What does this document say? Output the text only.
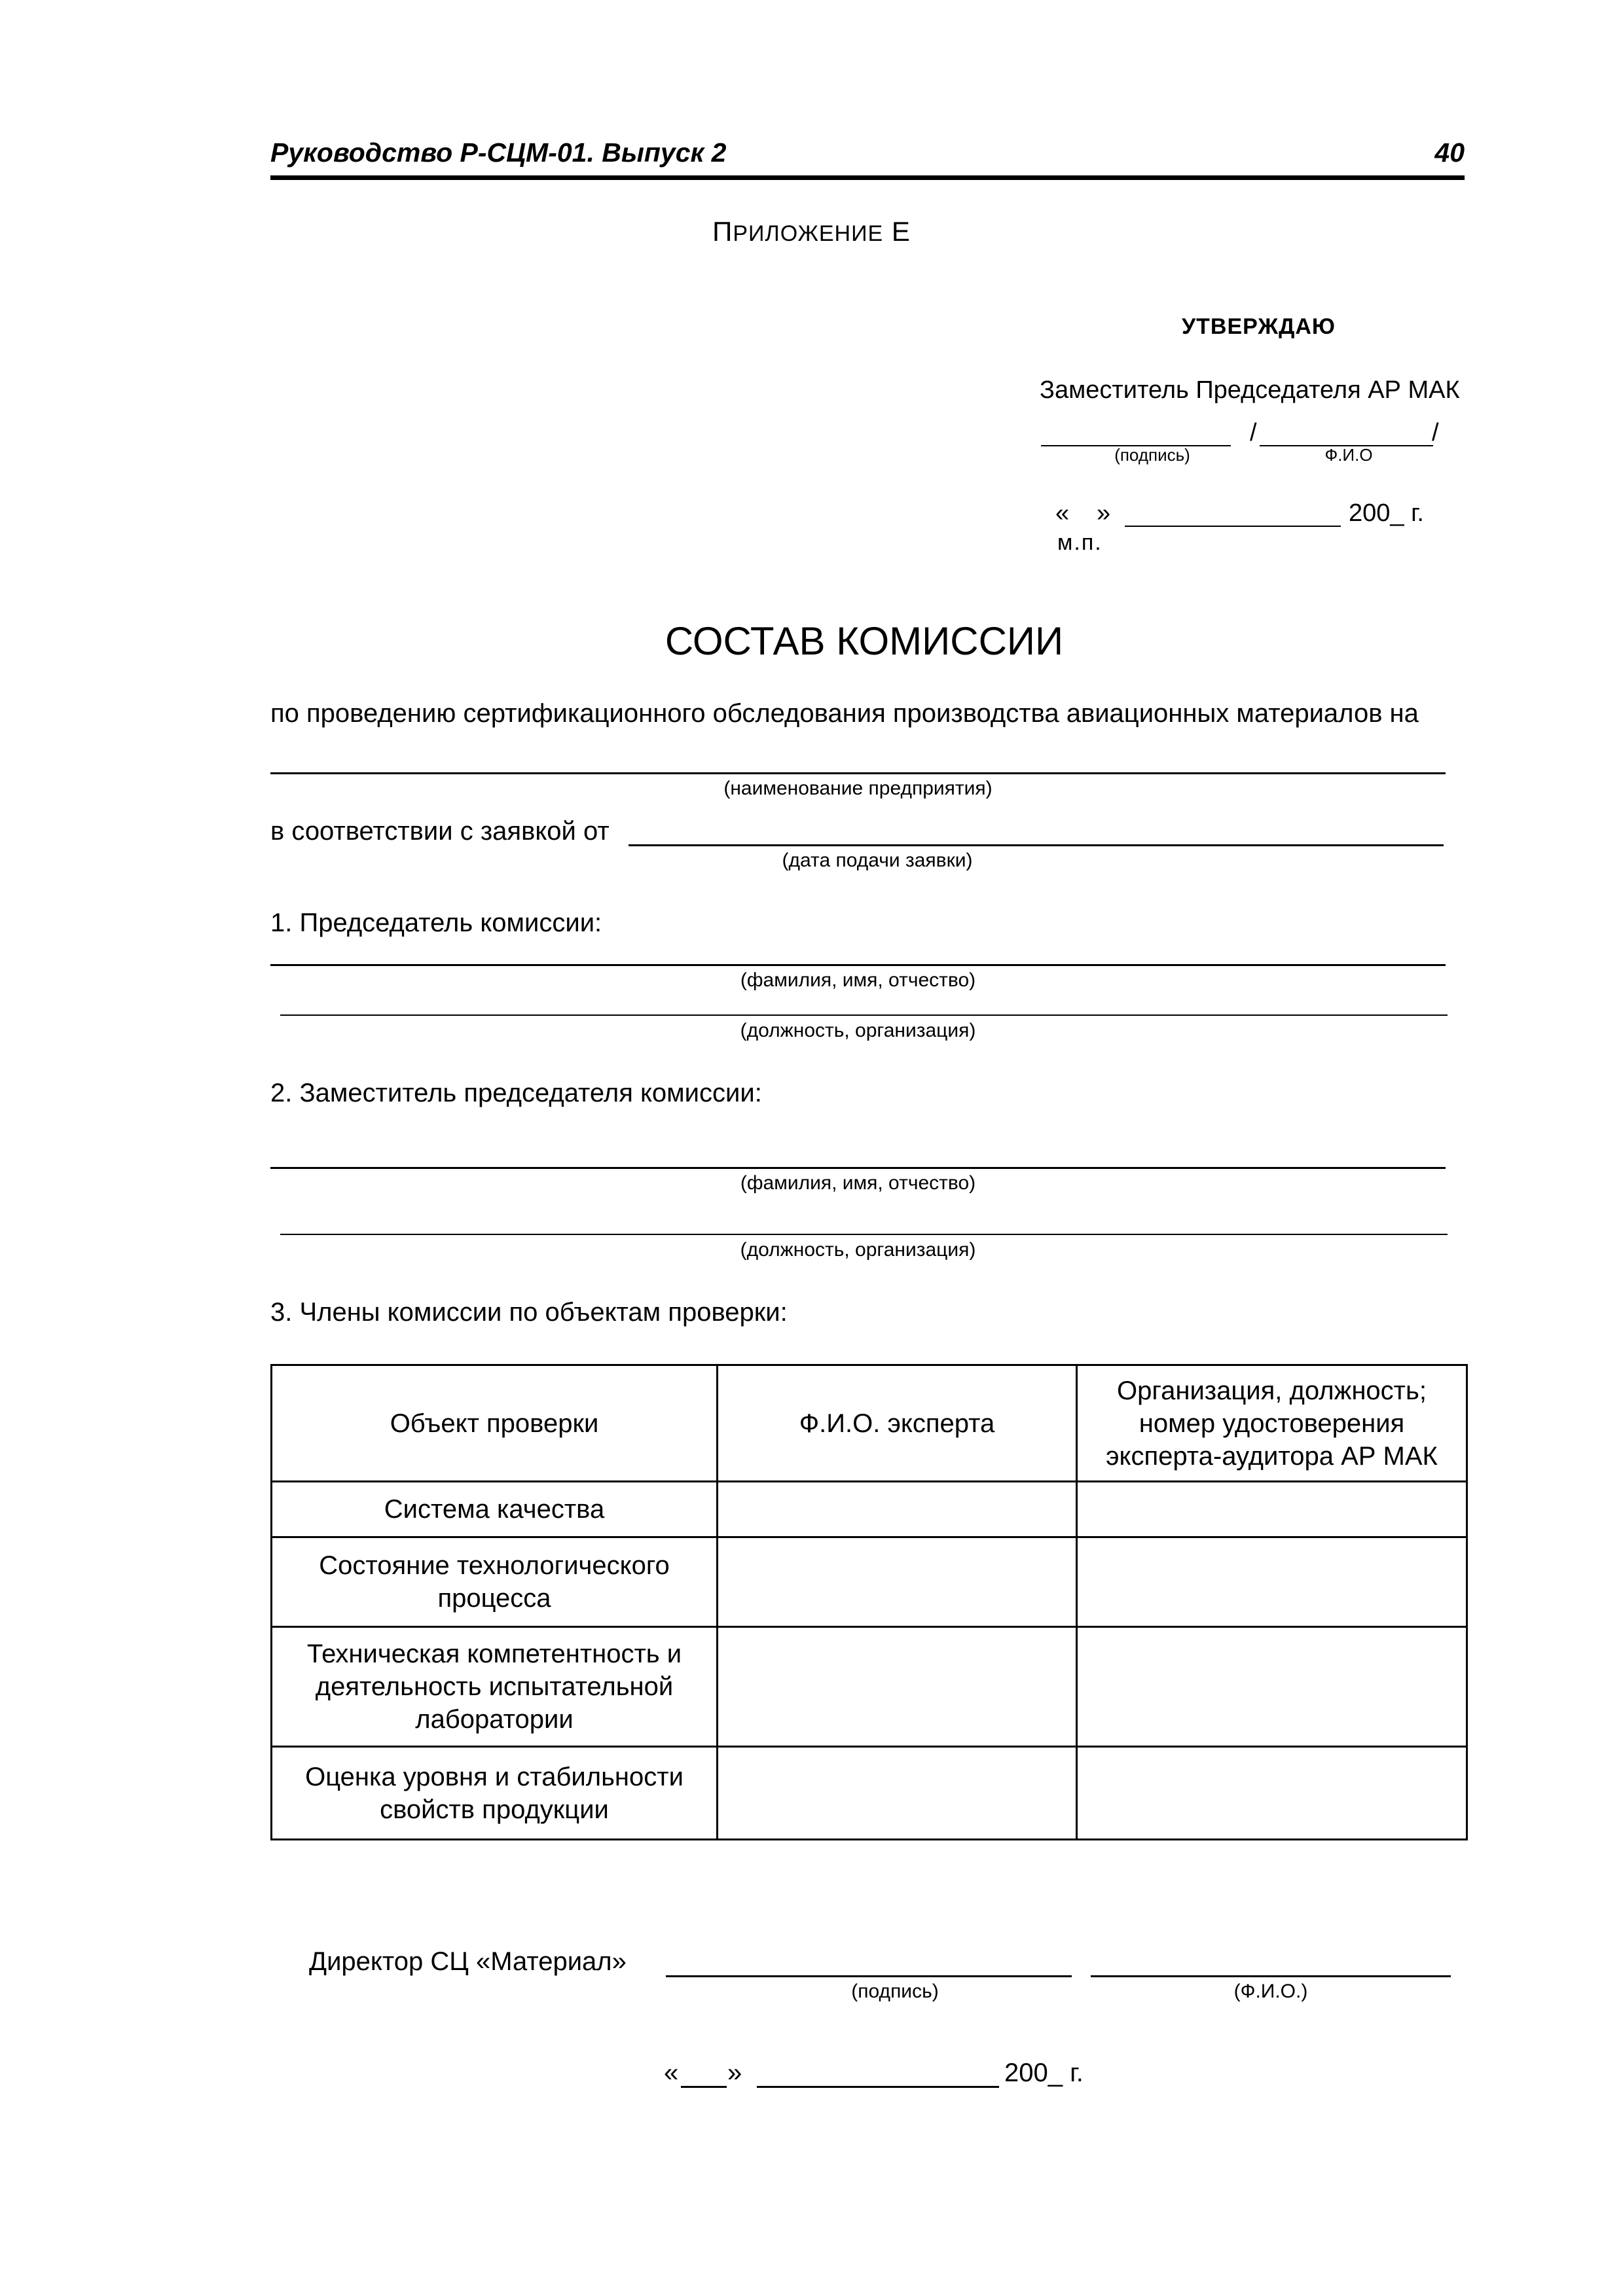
Руководство Р-СЦМ-01. Выпуск 2	40
ПРИЛОЖЕНИЕ Е
УТВЕРЖДАЮ
Заместитель Председателя АР МАК
/	/
(подпись)	Ф.И.О
« »	200_ г.
м.п.
СОСТАВ КОМИССИИ
по проведению сертификационного обследования производства авиационных материалов на
(наименование предприятия)
в соответствии с заявкой от
(дата подачи заявки)
1. Председатель комиссии:
(фамилия, имя, отчество)
(должность, организация)
2. Заместитель председателя комиссии:
(фамилия, имя, отчество)
(должность, организация)
3. Члены комиссии по объектам проверки:
Объект проверки	Ф.И.О. эксперта	Организация, должность; номер удостоверения эксперта-аудитора АР МАК
Система качества		
Состояние технологического процесса		
Техническая компетентность и деятельность испытательной лаборатории		
Оценка уровня и стабильности свойств продукции		
Директор СЦ «Материал»
(подпись)	(Ф.И.О.)
« »	200_ г.
